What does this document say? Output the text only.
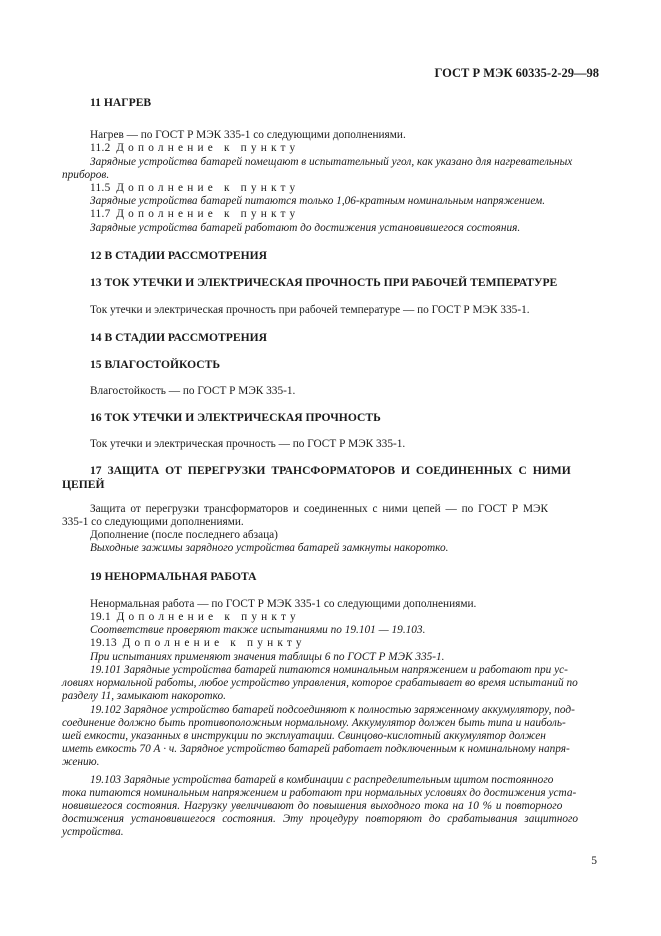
ГОСТ Р МЭК 60335-2-29—98

11 НАГРЕВ

Нагрев — по ГОСТ Р МЭК 335-1 со следующими дополнениями.

11.2 Дополнение к пункту

Зарядные устройства батарей помещают в испытательный угол, как указано для нагревательных

приборов.

11.5 Дополнение к пункту

Зарядные устройства батарей питаются только 1,06-кратным номинальным напряжением.

11.7 Дополнение к пункту

Зарядные устройства батарей работают до достижения установившегося состояния.

12 В СТАДИИ РАССМОТРЕНИЯ

13 ТОК УТЕЧКИ И ЭЛЕКТРИЧЕСКАЯ ПРОЧНОСТЬ ПРИ РАБОЧЕЙ ТЕМПЕРАТУРЕ

Ток утечки и электрическая прочность при рабочей температуре — по ГОСТ Р МЭК 335-1.

14 В СТАДИИ РАССМОТРЕНИЯ

15 ВЛАГОСТОЙКОСТЬ

Влагостойкость — по ГОСТ Р МЭК 335-1.

16 ТОК УТЕЧКИ И ЭЛЕКТРИЧЕСКАЯ ПРОЧНОСТЬ

Ток утечки и электрическая прочность — по ГОСТ Р МЭК 335-1.

17 ЗАЩИТА ОТ ПЕРЕГРУЗКИ ТРАНСФОРМАТОРОВ И СОЕДИНЕННЫХ С НИМИ

ЦЕПЕЙ

Защита от перегрузки трансформаторов и соединенных с ними цепей — по ГОСТ Р МЭК

335-1 со следующими дополнениями.

Дополнение (после последнего абзаца)

Выходные зажимы зарядного устройства батарей замкнуты накоротко.

19 НЕНОРМАЛЬНАЯ РАБОТА

Ненормальная работа — по ГОСТ Р МЭК 335-1 со следующими дополнениями.

19.1 Дополнение к пункту

Соответствие проверяют также испытаниями по 19.101 — 19.103.

19.13 Дополнение к пункту

При испытаниях применяют значения таблицы 6 по ГОСТ Р МЭК 335-1.

19.101 Зарядные устройства батарей питаются номинальным напряжением и работают при ус-

ловиях нормальной работы, любое устройство управления, которое срабатывает во время испытаний по

разделу 11, замыкают накоротко.

19.102 Зарядное устройство батарей подсоединяют к полностью заряженному аккумулятору, под-

соединение должно быть противоположным нормальному. Аккумулятор должен быть типа и наиболь-

шей емкости, указанных в инструкции по эксплуатации. Свинцово-кислотный аккумулятор должен

иметь емкость 70 А · ч. Зарядное устройство батарей работает подключенным к номинальному напря-

жению.

19.103 Зарядные устройства батарей в комбинации с распределительным щитом постоянного

тока питаются номинальным напряжением и работают при нормальных условиях до достижения уста-

новившегося состояния. Нагрузку увеличивают до повышения выходного тока на 10 % и повторного

достижения установившегося состояния. Эту процедуру повторяют до срабатывания защитного

устройства.

5
